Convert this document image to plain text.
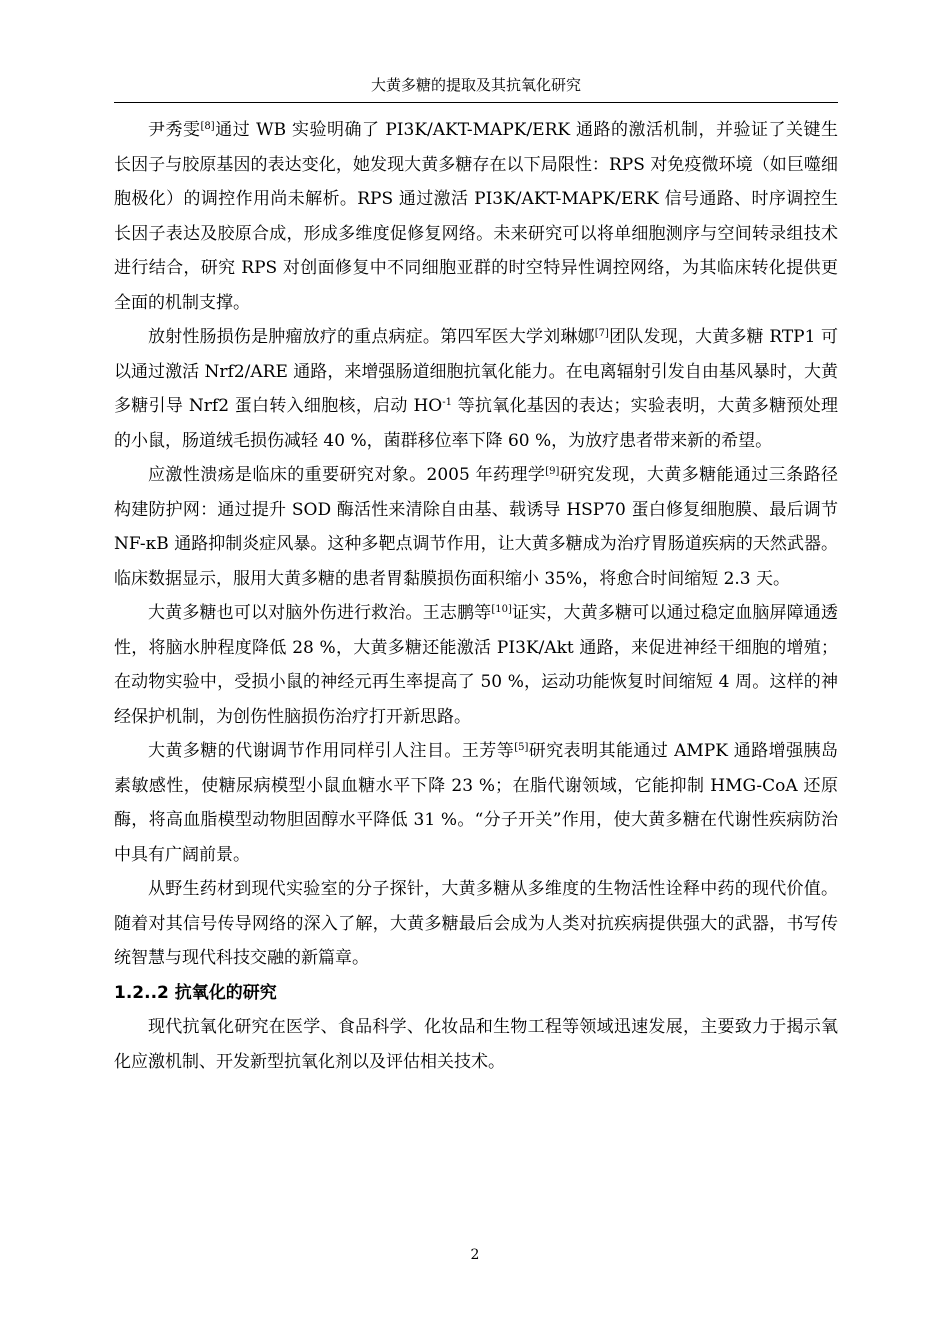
大黄多糖的提取及其抗氧化研究

尹秀雯[8]通过 WB 实验明确了 PI3K/AKT-MAPK/ERK 通路的激活机制，并验证了关键生长因子与胶原基因的表达变化，她发现大黄多糖存在以下局限性：RPS 对免疫微环境（如巨噬细胞极化）的调控作用尚未解析。RPS 通过激活 PI3K/AKT-MAPK/ERK 信号通路、时序调控生长因子表达及胶原合成，形成多维度促修复网络。未来研究可以将单细胞测序与空间转录组技术进行结合，研究 RPS 对创面修复中不同细胞亚群的时空特异性调控网络，为其临床转化提供更全面的机制支撑。

放射性肠损伤是肿瘤放疗的重点病症。第四军医大学刘琳娜[7]团队发现，大黄多糖 RTP1 可以通过激活 Nrf2/ARE 通路，来增强肠道细胞抗氧化能力。在电离辐射引发自由基风暴时，大黄多糖引导 Nrf2 蛋白转入细胞核，启动 $HO^{-1}$ 等抗氧化基因的表达；实验表明，大黄多糖预处理的小鼠，肠道绒毛损伤减轻 40 %，菌群移位率下降 60 %，为放疗患者带来新的希望。

应激性溃疡是临床的重要研究对象。2005 年药理学[9]研究发现，大黄多糖能通过三条路径构建防护网：通过提升 SOD 酶活性来清除自由基、载诱导 HSP70 蛋白修复细胞膜、最后调节 NF-κB 通路抑制炎症风暴。这种多靶点调节作用，让大黄多糖成为治疗胃肠道疾病的天然武器。临床数据显示，服用大黄多糖的患者胃黏膜损伤面积缩小 35%，将愈合时间缩短 2.3 天。

大黄多糖也可以对脑外伤进行救治。王志鹏等[10]证实，大黄多糖可以通过稳定血脑屏障通透性，将脑水肿程度降低 28 %，大黄多糖还能激活 PI3K/Akt 通路，来促进神经干细胞的增殖；在动物实验中，受损小鼠的神经元再生率提高了 50 %，运动功能恢复时间缩短 4 周。这样的神经保护机制，为创伤性脑损伤治疗打开新思路。

大黄多糖的代谢调节作用同样引人注目。王芳等[5]研究表明其能通过 AMPK 通路增强胰岛素敏感性，使糖尿病模型小鼠血糖水平下降 23 %；在脂代谢领域，它能抑制 HMG-CoA 还原酶，将高血脂模型动物胆固醇水平降低 31 %。“分子开关”作用，使大黄多糖在代谢性疾病防治中具有广阔前景。

从野生药材到现代实验室的分子探针，大黄多糖从多维度的生物活性诠释中药的现代价值。随着对其信号传导网络的深入了解，大黄多糖最后会成为人类对抗疾病提供强大的武器，书写传统智慧与现代科技交融的新篇章。

1.2..2 抗氧化的研究

现代抗氧化研究在医学、食品科学、化妆品和生物工程等领域迅速发展，主要致力于揭示氧化应激机制、开发新型抗氧化剂以及评估相关技术。

2
